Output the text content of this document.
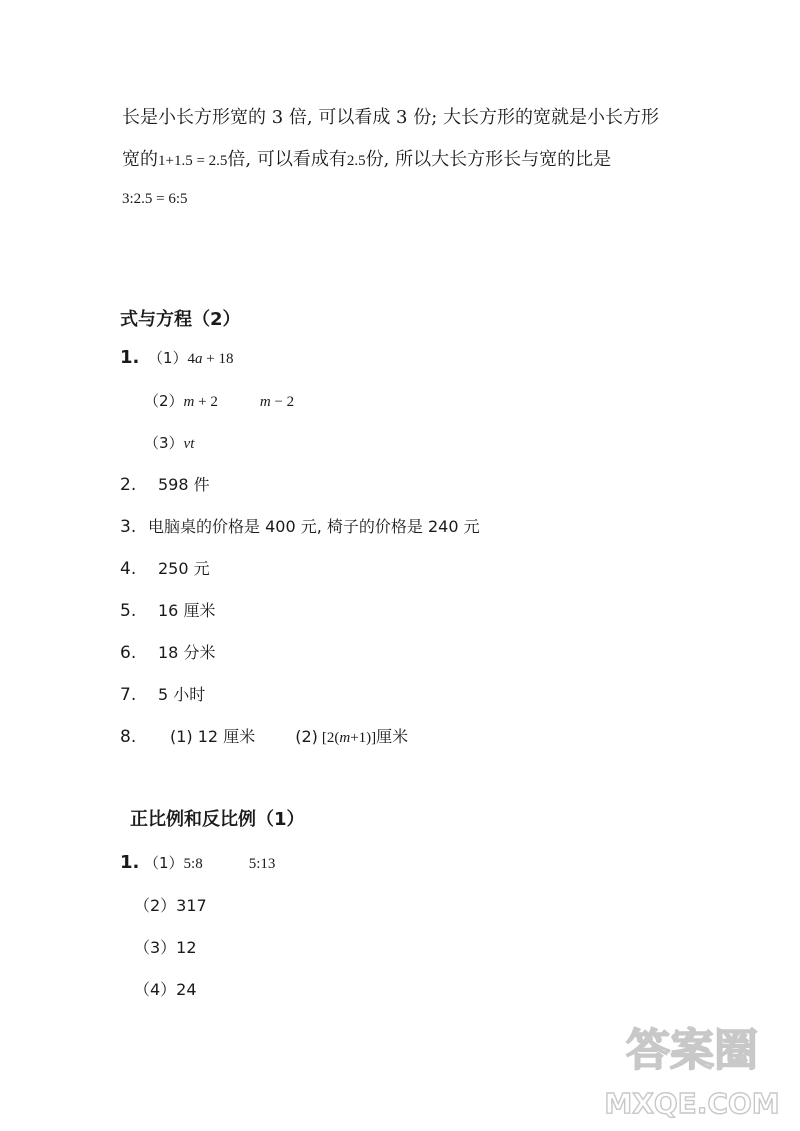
长是小长方形宽的 3 倍, 可以看成 3 份; 大长方形的宽就是小长方形
宽的1+1.5 = 2.5倍, 可以看成有2.5份, 所以大长方形长与宽的比是
3:2.5 = 6:5
式与方程（2）
1. （1）4a + 18
（2）m + 2	m − 2
（3）vt
2. 598 件
3. 电脑桌的价格是 400 元, 椅子的价格是 240 元
4. 250 元
5. 16 厘米
6. 18 分米
7. 5 小时
8. (1) 12 厘米	(2) [2(m+1)]厘米
正比例和反比例（1）
1. （1）5:8	5:13
（2）317
（3）12
（4）24
答案圈
MXQE.COM
